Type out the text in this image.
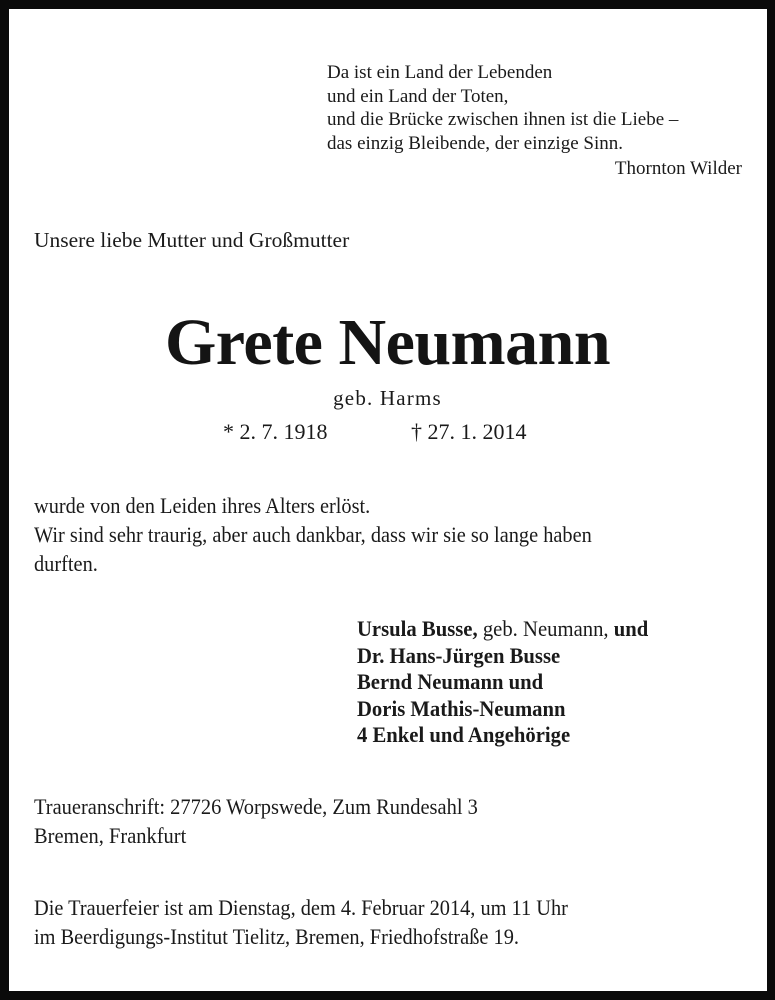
Da ist ein Land der Lebenden
und ein Land der Toten,
und die Brücke zwischen ihnen ist die Liebe –
das einzig Bleibende, der einzige Sinn.
Thornton Wilder
Unsere liebe Mutter und Großmutter
Grete Neumann
geb. Harms
* 2. 7. 1918	† 27. 1. 2014
wurde von den Leiden ihres Alters erlöst.
Wir sind sehr traurig, aber auch dankbar, dass wir sie so lange haben
durften.
Ursula Busse, geb. Neumann, und
Dr. Hans-Jürgen Busse
Bernd Neumann und
Doris Mathis-Neumann
4 Enkel und Angehörige
Traueranschrift: 27726 Worpswede, Zum Rundesahl 3
Bremen, Frankfurt
Die Trauerfeier ist am Dienstag, dem 4. Februar 2014, um 11 Uhr
im Beerdigungs-Institut Tielitz, Bremen, Friedhofstraße 19.
